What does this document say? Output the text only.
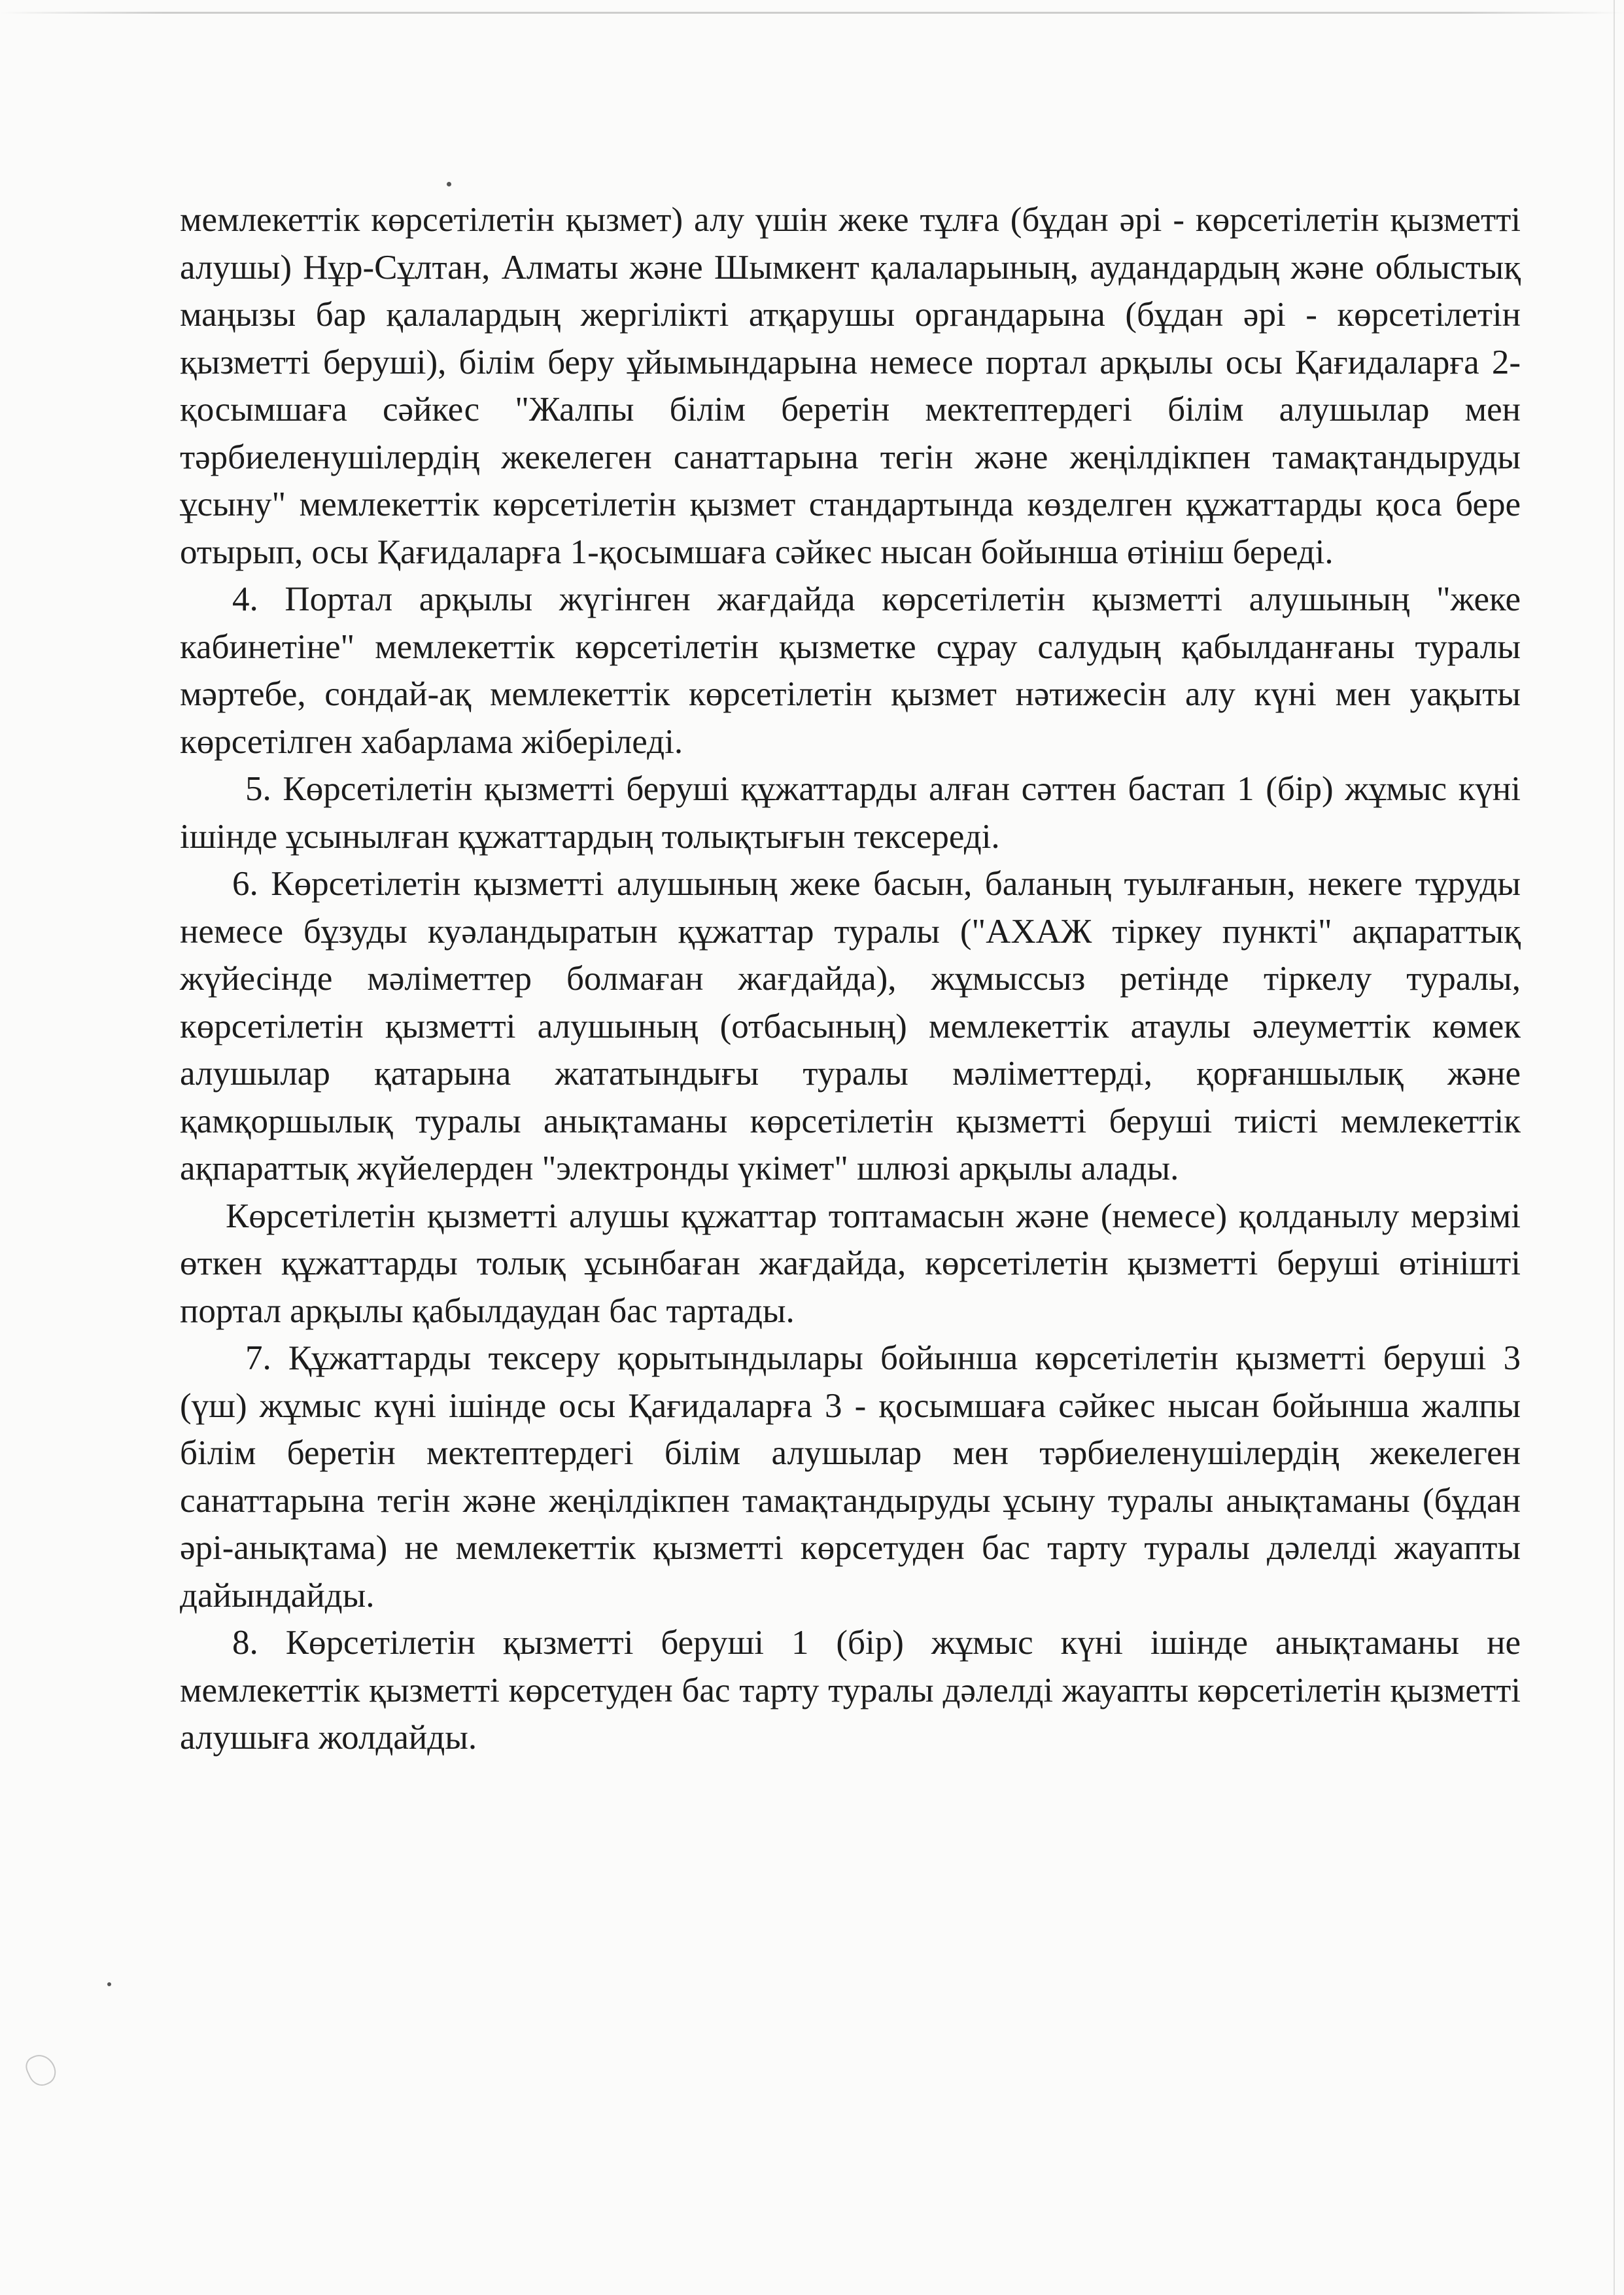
мемлекеттік көрсетілетін қызмет) алу үшін жеке тұлға (бұдан әрі - көрсетілетін қызметті алушы) Нұр-Сұлтан, Алматы және Шымкент қалаларының, аудандардың және облыстық маңызы бар қалалардың жергілікті атқарушы органдарына (бұдан әрі - көрсетілетін қызметті беруші), білім беру ұйымындарына немесе портал арқылы осы Қағидаларға 2-қосымшаға сәйкес "Жалпы білім беретін мектептердегі білім алушылар мен тәрбиеленушілердің жекелеген санаттарына тегін және жеңілдікпен тамақтандыруды ұсыну" мемлекеттік көрсетілетін қызмет стандартында көзделген құжаттарды қоса бере отырып, осы Қағидаларға 1-қосымшаға сәйкес нысан бойынша өтініш береді.

4. Портал арқылы жүгінген жағдайда көрсетілетін қызметті алушының "жеке кабинетіне" мемлекеттік көрсетілетін қызметке сұрау салудың қабылданғаны туралы мәртебе, сондай-ақ мемлекеттік көрсетілетін қызмет нәтижесін алу күні мен уақыты көрсетілген хабарлама жіберіледі.

5. Көрсетілетін қызметті беруші құжаттарды алған сәттен бастап 1 (бір) жұмыс күні ішінде ұсынылған құжаттардың толықтығын тексереді.

6. Көрсетілетін қызметті алушының жеке басын, баланың туылғанын, некеге тұруды немесе бұзуды куәландыратын құжаттар туралы ("АХАЖ тіркеу пункті" ақпараттық жүйесінде мәліметтер болмаған жағдайда), жұмыссыз ретінде тіркелу туралы, көрсетілетін қызметті алушының (отбасының) мемлекеттік атаулы әлеуметтік көмек алушылар қатарына жататындығы туралы мәліметтерді, қорғаншылық және қамқоршылық туралы анықтаманы көрсетілетін қызметті беруші тиісті мемлекеттік ақпараттық жүйелерден "электронды үкімет" шлюзі арқылы алады.

Көрсетілетін қызметті алушы құжаттар топтамасын және (немесе) қолданылу мерзімі өткен құжаттарды толық ұсынбаған жағдайда, көрсетілетін қызметті беруші өтінішті портал арқылы қабылдаудан бас тартады.

7. Құжаттарды тексеру қорытындылары бойынша көрсетілетін қызметті беруші 3 (үш) жұмыс күні ішінде осы Қағидаларға 3 - қосымшаға сәйкес нысан бойынша жалпы білім беретін мектептердегі білім алушылар мен тәрбиеленушілердің жекелеген санаттарына тегін және жеңілдікпен тамақтандыруды ұсыну туралы анықтаманы (бұдан әрі-анықтама) не мемлекеттік қызметті көрсетуден бас тарту туралы дәлелді жауапты дайындайды.

8. Көрсетілетін қызметті беруші 1 (бір) жұмыс күні ішінде анықтаманы не мемлекеттік қызметті көрсетуден бас тарту туралы дәлелді жауапты көрсетілетін қызметті алушыға жолдайды.
